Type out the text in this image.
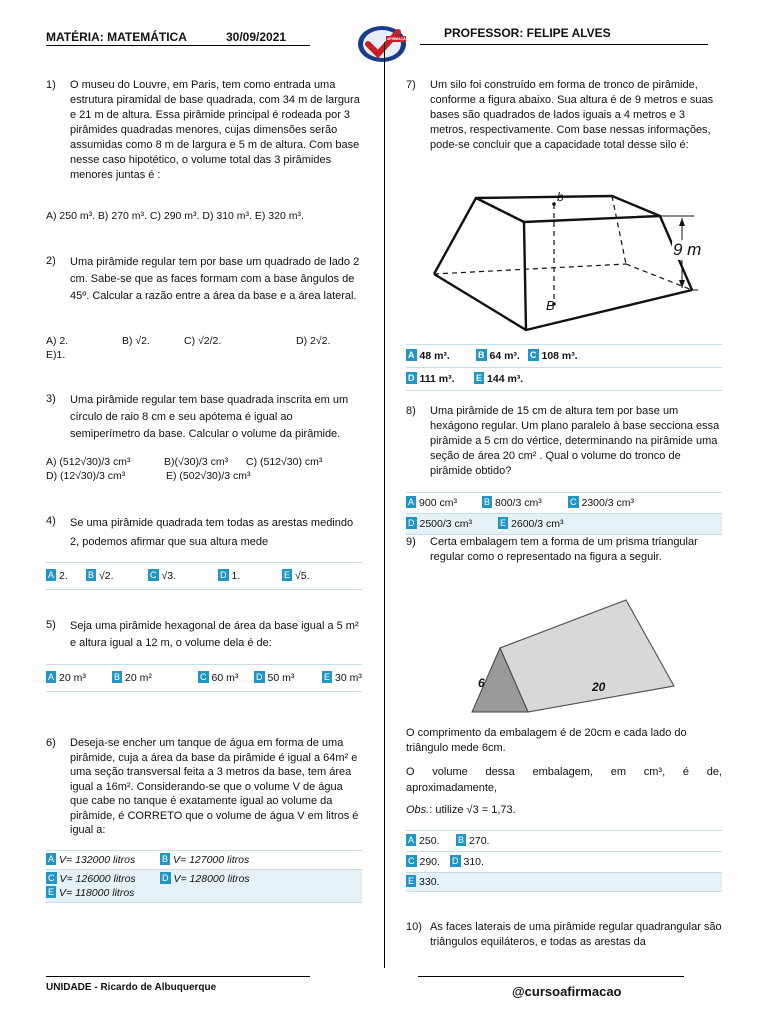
MATÉRIA: MATEMÁTICA	30/09/2021	AFIRMAÇÃO	PROFESSOR: FELIPE ALVES
1) O museu do Louvre, em Paris, tem como entrada uma estrutura piramidal de base quadrada, com 34 m de largura e 21 m de altura. Essa pirâmide principal é rodeada por 3 pirâmides quadradas menores, cujas dimensões serão assumidas como 8 m de largura e 5 m de altura. Com base nesse caso hipotético, o volume total das 3 pirâmides menores juntas é :
A) 250 m³. B) 270 m³. C) 290 m³. D) 310 m³. E) 320 m³.
2) Uma pirâmide regular tem por base um quadrado de lado 2 cm. Sabe-se que as faces formam com a base ângulos de 45º. Calcular a razão entre a área da base e a área lateral.
A) 2.	B) √2.	C) √2/2.	D) 2√2.
E)1.
3) Uma pirâmide regular tem base quadrada inscrita em um círculo de raio 8 cm e seu apótema é igual ao semiperímetro da base. Calcular o volume da pirâmide.
A) (512√30)/3 cm³	B)(√30)/3 cm³ C) (512√30) cm³
D) (12√30)/3 cm³	E) (502√30)/3 cm³
4) Se uma pirâmide quadrada tem todas as arestas medindo 2, podemos afirmar que sua altura mede
A 2. B √2.	C √3.	D 1.	E √5.
5) Seja uma pirâmide hexagonal de área da base igual a 5 m² e altura igual a 12 m, o volume dela é de:
A 20 m³	B 20 m²	C 60 m³ D 50 m³	E 30 m³
6) Deseja-se encher um tanque de água em forma de uma pirâmide, cuja a área da base da pirâmide é igual a 64m² e uma seção transversal feita a 3 metros da base, tem área igual a 16m². Considerando-se que o volume V de água que cabe no tanque é exatamente igual ao volume da pirâmide, é CORRETO que o volume de água V em litros é igual a:
A V= 132000 litros	B V= 127000 litros
C V= 126000 litros	D V= 128000 litros
E V= 118000 litros
7) Um silo foi construído em forma de tronco de pirâmide, conforme a figura abaixo. Sua altura é de 9 metros e suas bases são quadrados de lados iguais a 4 metros e 3 metros, respectivamente. Com base nessas informações, pode-se concluir que a capacidade total desse silo é:
9 m
b
B
A 48 m³.	B 64 m³. C 108 m³.
D 111 m³. E 144 m³.
8) Uma pirâmide de 15 cm de altura tem por base um hexágono regular. Um plano paralelo à base secciona essa pirâmide a 5 cm do vértice, determinando na pirâmide uma seção de área 20 cm² . Qual o volume do tronco de pirâmide obtido?
A 900 cm³	B 800/3 cm³	C 2300/3 cm³
D 2500/3 cm³	E 2600/3 cm³
9) Certa embalagem tem a forma de um prisma triangular regular como o representado na figura a seguir.
6	20
O comprimento da embalagem é de 20cm e cada lado do triângulo mede 6cm.
O volume dessa embalagem, em cm³, é de, aproximadamente,
Obs.: utilize √3 = 1,73.
A 250. B 270.
C 290. D 310.
E 330.
10) As faces laterais de uma pirâmide regular quadrangular são triângulos equiláteros, e todas as arestas da
UNIDADE - Ricardo de Albuquerque	@cursoafirmacao
